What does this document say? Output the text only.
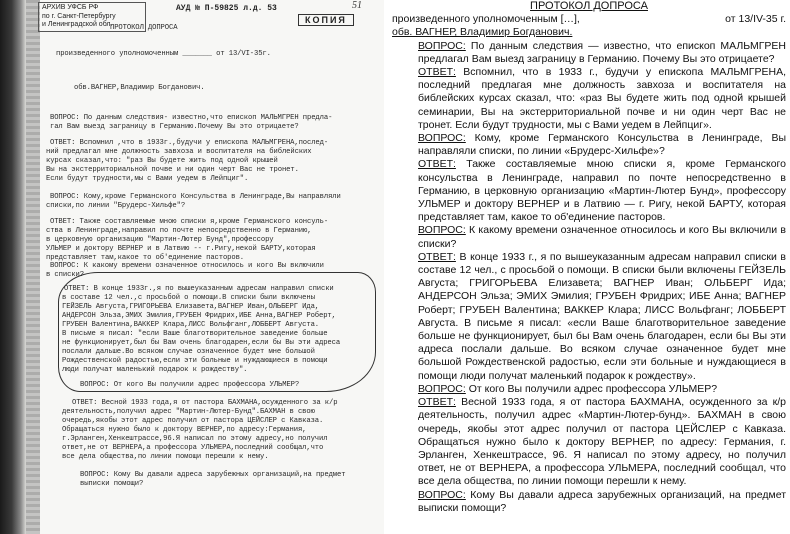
АРХИВ УФСБ РФ
по г. Санкт-Петербургу
и Ленинградской обл.
АУД № П-59825 л.д. 53	51
КОПИЯ
ПРОТОКОЛ ДОПРОСА
произведенного уполномоченным _______ от 13/VI-35г.
обв.ВАГНЕР,Владимир Богданович.
ВОПРОС: По данным следствия- известно,что епископ МАЛЬМГРЕН предла-
гал Вам выезд заграницу в Германию.Почему Вы это отрицаете?
ОТВЕТ: Вспомнил ,что в 1933г.,будучи у епископа МАЛЬМГРЕНА,послед-
ний предлагал мне должность завхоза и воспитателя на библейских
курсах сказал,что: "раз Вы будете жить под одной крышей
Вы на экстерриториальной почве и ни один черт Вас не тронет.
Если будут трудности,мы с Вами уедем в Лейпциг".
ВОПРОС: Кому,кроме Германского Консульства в Ленинграде,Вы направляли
списки,по линии "Брудерс-Хильфе"?
ОТВЕТ: Также составляемые мною списки я,кроме Германского консуль-
ства в Ленинграде,направил по почте непосредственно в Германию,
в церковную организацию "Мартин-Лютер Бунд",профессору
УЛЬМЕР и доктору ВЕРНЕР и в Латвию -- г.Ригу,некой БАРТУ,которая
представляет там,какое то об'единение пасторов.
ВОПРОС: К какому времени означенное относилось и кого Вы включили
в списки?
ОТВЕТ: В конце 1933г.,я по вышеуказанным адресам направил списки
в составе 12 чел.,с просьбой о помощи.В списки были включены
ГЕЙЗЕЛЬ Августа,ГРИГОРЬЕВА Елизавета,ВАГНЕР Иван,ОЛЬБЕРГ Ида,
АНДЕРСОН Эльза,ЭМИХ Эмилия,ГРУБЕН Фридрих,ИБЕ Анна,ВАГНЕР Роберт,
ГРУБЕН Валентина,ВАККЕР Клара,ЛИСС Вольфганг,ЛОББЕРТ Августа.
В письме я писал: "если Ваше благотворительное заведение больше
не функционирует,был бы Вам очень благодарен,если бы Вы эти адреса
послали дальше.Во всяком случае означенное будет мне большой
Рождественской радостью,если эти больные и нуждающиеся в помощи
люди получат маленький подарок к рождеству".
ВОПРОС: От кого Вы получили адрес профессора УЛЬМЕР?
ОТВЕТ: Весной 1933 года,я от пастора БАХМАНА,осужденного за к/р
деятельность,получил адрес "Мартин-Лютер-Бунд".БАХМАН в свою
очередь,якобы этот адрес получил от пастора ЦЕЙСЛЕР с Кавказа.
Обращаться нужно было к доктору ВЕРНЕР,по адресу:Германия,
г.Эрланген,Хенкештрассе,96.Я написал по этому адресу,но получил
ответ,не от ВЕРНЕРА,а профессора УЛЬМЕРА,последний сообщал,что
все дела общества,по линии помощи перешли к нему.
ВОПРОС: Кому Вы давали адреса зарубежных организаций,на предмет
выписки помощи?

ПРОТОКОЛ ДОПРОСА

произведенного уполномоченным […],	от 13/IV-35 г.

обв. ВАГНЕР, Владимир Богданович.

ВОПРОС: По данным следствия — известно, что епископ МАЛЬМГРЕН предлагал Вам выезд заграницу в Германию. Почему Вы это отрицаете?

ОТВЕТ: Вспомнил, что в 1933 г., будучи у епископа МАЛЬМГРЕНА, последний предлагая мне должность завхоза и воспитателя на библейских курсах сказал, что: «раз Вы будете жить под одной крышей семинарии, Вы на экстерриториальной почве и ни один черт Вас не тронет. Если будут трудности, мы с Вами уедем в Лейпциг».

ВОПРОС: Кому, кроме Германского Консульства в Ленинграде, Вы направляли списки, по линии «Брудерс-Хильфе»?

ОТВЕТ: Также составляемые мною списки я, кроме Германского консульства в Ленинграде, направил по почте непосредственно в Германию, в церковную организацию «Мартин-Лютер Бунд», профессору УЛЬМЕР и доктору ВЕРНЕР и в Латвию — г. Ригу, некой БАРТУ, которая представляет там, какое то об'единение пасторов.

ВОПРОС: К какому времени означенное относилось и кого Вы включили в списки?

ОТВЕТ: В конце 1933 г., я по вышеуказанным адресам направил списки в составе 12 чел., с просьбой о помощи. В списки были включены ГЕЙЗЕЛЬ Августа; ГРИГОРЬЕВА Елизавета; ВАГНЕР Иван; ОЛЬБЕРГ Ида; АНДЕРСОН Эльза; ЭМИХ Эмилия; ГРУБЕН Фридрих; ИБЕ Анна; ВАГНЕР Роберт; ГРУБЕН Валентина; ВАККЕР Клара; ЛИСС Вольфганг; ЛОББЕРТ Августа. В письме я писал: «если Ваше благотворительное заведение больше не функционирует, был бы Вам очень благодарен, если бы Вы эти адреса послали дальше. Во всяком случае означенное будет мне большой Рождественской радостью, если эти больные и нуждающиеся в помощи люди получат маленький подарок к рождеству».

ВОПРОС: От кого Вы получили адрес профессора УЛЬМЕР?

ОТВЕТ: Весной 1933 года, я от пастора БАХМАНА, осужденного за к/р деятельность, получил адрес «Мартин-Лютер-бунд». БАХМАН в свою очередь, якобы этот адрес получил от пастора ЦЕЙСЛЕР с Кавказа. Обращаться нужно было к доктору ВЕРНЕР, по адресу: Германия, г. Эрланген, Хенкештрассе, 96. Я написал по этому адресу, но получил ответ, не от ВЕРНЕРА, а профессора УЛЬМЕРА, последний сообщал, что все дела общества, по линии помощи перешли к нему.

ВОПРОС: Кому Вы давали адреса зарубежных организаций, на предмет выписки помощи?
